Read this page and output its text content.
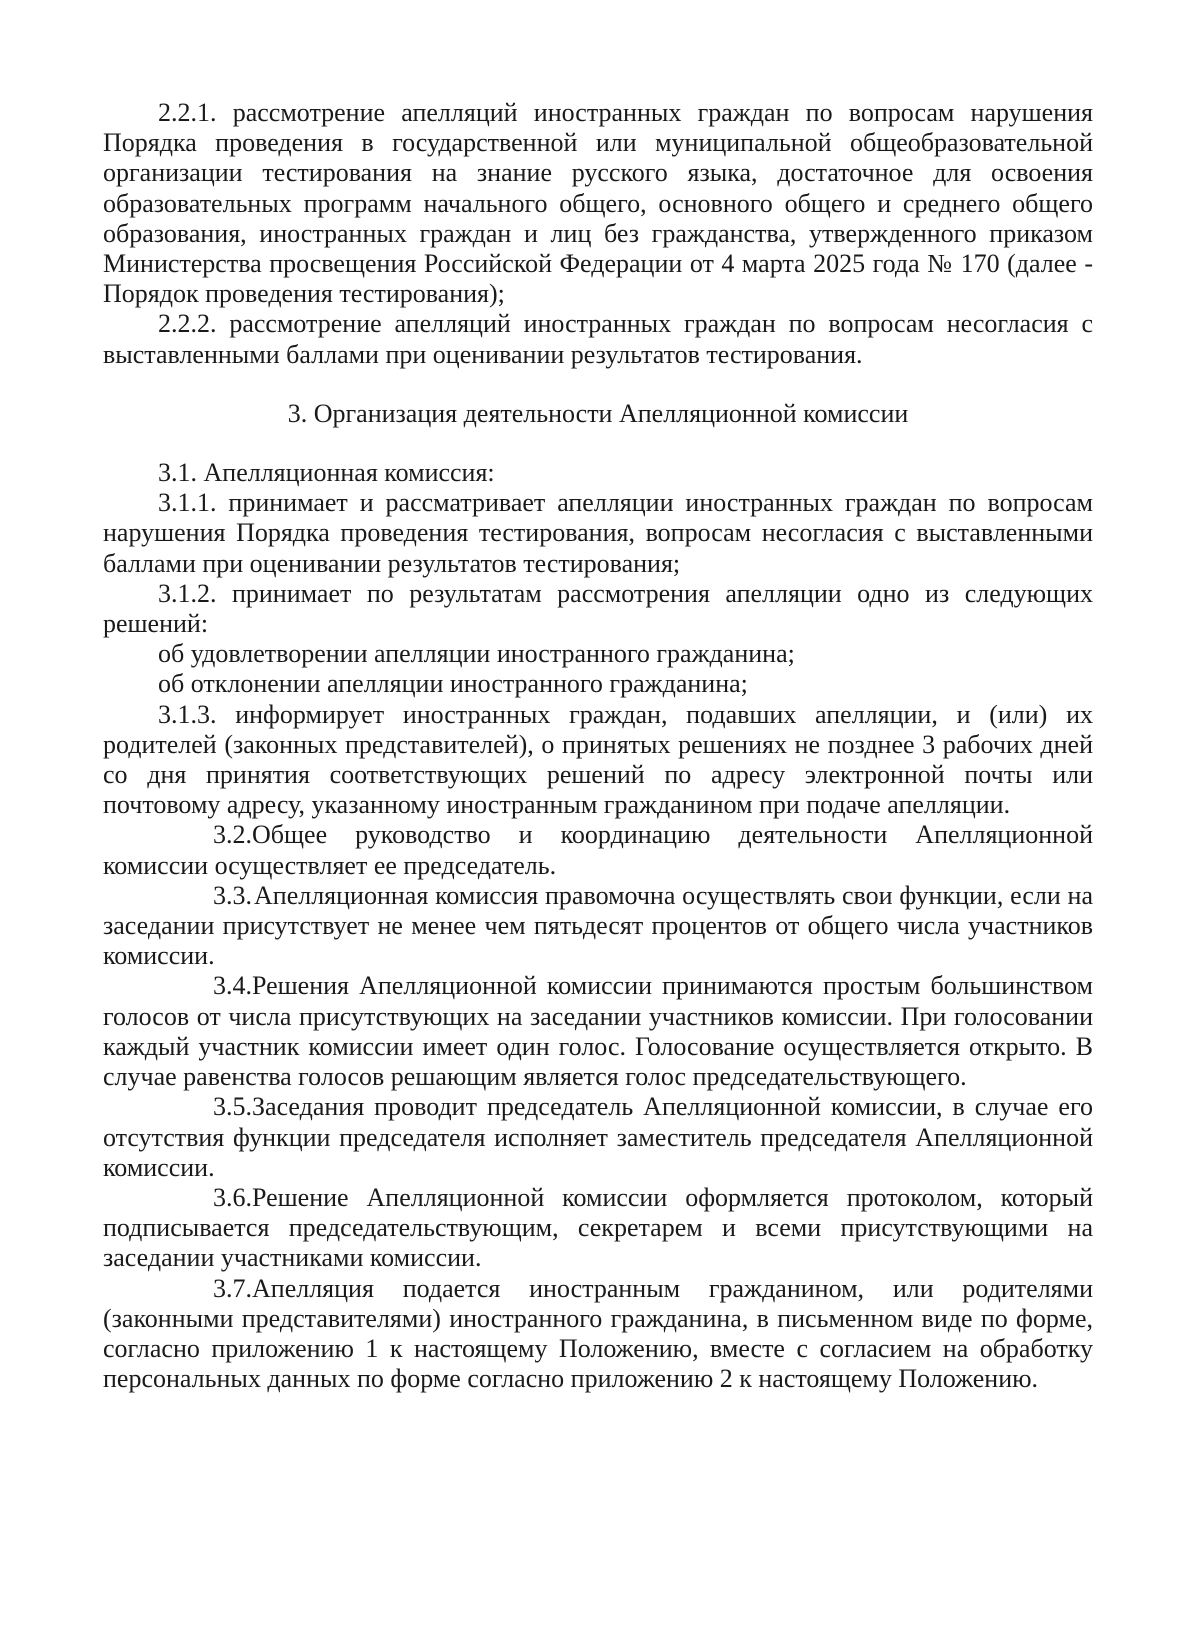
2.2.1. рассмотрение апелляций иностранных граждан по вопросам нарушения Порядка проведения в государственной или муниципальной общеобразовательной организации тестирования на знание русского языка, достаточное для освоения образовательных программ начального общего, основного общего и среднего общего образования, иностранных граждан и лиц без гражданства, утвержденного приказом Министерства просвещения Российской Федерации от 4 марта 2025 года № 170 (далее - Порядок проведения тестирования);

2.2.2. рассмотрение апелляций иностранных граждан по вопросам несогласия с выставленными баллами при оценивании результатов тестирования.

3. Организация деятельности Апелляционной комиссии

3.1. Апелляционная комиссия:

3.1.1. принимает и рассматривает апелляции иностранных граждан по вопросам нарушения Порядка проведения тестирования, вопросам несогласия с выставленными баллами при оценивании результатов тестирования;

3.1.2. принимает по результатам рассмотрения апелляции одно из следующих решений:

об удовлетворении апелляции иностранного гражданина;

об отклонении апелляции иностранного гражданина;

3.1.3. информирует иностранных граждан, подавших апелляции, и (или) их родителей (законных представителей), о принятых решениях не позднее 3 рабочих дней со дня принятия соответствующих решений по адресу электронной почты или почтовому адресу, указанному иностранным гражданином при подаче апелляции.

3.2.Общее руководство и координацию деятельности Апелляционной комиссии осуществляет ее председатель.

3.3.Апелляционная комиссия правомочна осуществлять свои функции, если на заседании присутствует не менее чем пятьдесят процентов от общего числа участников комиссии.

3.4.Решения Апелляционной комиссии принимаются простым большинством голосов от числа присутствующих на заседании участников комиссии. При голосовании каждый участник комиссии имеет один голос. Голосование осуществляется открыто. В случае равенства голосов решающим является голос председательствующего.

3.5.Заседания проводит председатель Апелляционной комиссии, в случае его отсутствия функции председателя исполняет заместитель председателя Апелляционной комиссии.

3.6.Решение Апелляционной комиссии оформляется протоколом, который подписывается председательствующим, секретарем и всеми присутствующими на заседании участниками комиссии.

3.7.Апелляция подается иностранным гражданином, или родителями (законными представителями) иностранного гражданина, в письменном виде по форме, согласно приложению 1 к настоящему Положению, вместе с согласием на обработку персональных данных по форме согласно приложению 2 к настоящему Положению.
